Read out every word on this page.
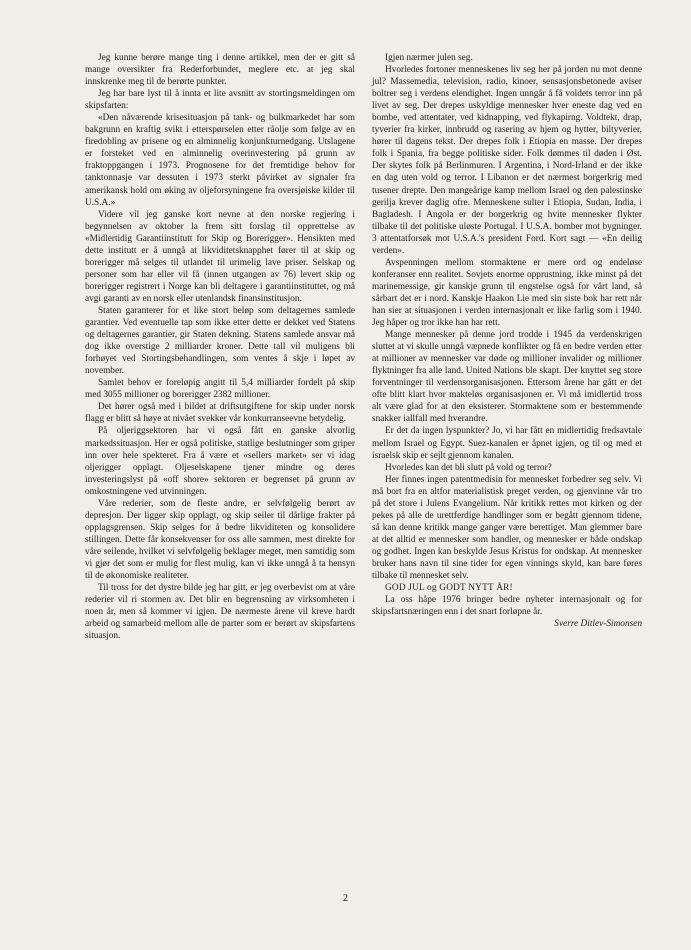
Jeg kunne berøre mange ting i denne artikkel, men der er gitt så mange oversikter fra Rederforbundet, meglere etc. at jeg skal innskrenke meg til de berørte punkter.

Jeg har bare lyst til å innta et lite avsnitt av stortingsmeldingen om skipsfarten:

«Den nåværende krisesituasjon på tank- og bulkmarkedet har som bakgrunn en kraftig svikt i etterspørselen etter råolje som følge av en firedobling av prisene og en alminnelig konjunkturnedgang. Utslagene er forsteket ved en alminnelig overinvestering på grunn av fraktoppgangen i 1973. Prognosene for det fremtidige behov for tanktonnasje var dessuten i 1973 sterkt påvirket av signaler fra amerikansk hold om øking av oljeforsyningene fra oversjøiske kilder til U.S.A.»

Videre vil jeg ganske kort nevne at den norske regjering i begynnelsen av oktober la frem sitt forslag til opprettelse av «Midlertidig Garantiinstitutt for Skip og Borerigger». Hensikten med dette institutt er å unngå at likviditetsknapphet fører til at skip og borerigger må selges til utlandet til urimelig lave priser. Selskap og personer som har eller vil få (innen utgangen av 76) levert skip og borerigger registrert i Norge kan bli deltagere i garantiinstituttet, og må avgi garanti av en norsk eller utenlandsk finansinstitusjon.

Staten garanterer for et like stort beløp som deltagernes samlede garantier. Ved eventuelle tap som ikke etter dette er dekket ved Statens og deltagernes garantier, gir Staten dekning. Statens samlede ansvar må dog ikke overstige 2 milliarder kroner. Dette tall vil muligens bli forhøyet ved Stortingsbehandlingen, som ventes å skje i løpet av november.

Samlet behov er foreløpig angitt til 5,4 milliarder fordelt på skip med 3055 millioner og borerigger 2382 millioner.

Det hører også med i bildet at driftsutgiftene for skip under norsk flagg er blitt så høye at nivået svekker vår konkurranseevne betydelig.

På oljeriggsektoren har vi også fått en ganske alvorlig markedssituasjon. Her er også politiske, statlige beslutninger som griper inn over hele spekteret. Fra å være et «sellers market» ser vi idag oljerigger opplagt. Oljeselskapene tjener mindre og deres investeringslyst på «off shore» sektoren er begrenset på grunn av omkostningene ved utvinningen.

Våre rederier, som de fleste andre, er selvfølgelig berørt av depresjon. Der ligger skip opplagt, og skip seiler til dårlige frakter på opplagsgrensen. Skip selges for å bedre likviditeten og konsolidere stillingen. Dette får konsekvenser for oss alle sammen, mest direkte for våre seilende, hvilket vi selvfølgelig beklager meget, men samtidig som vi gjør det som er mulig for flest mulig, kan vi ikke unngå å ta hensyn til de økonomiske realiteter.

Til tross for det dystre bilde jeg har gitt, er jeg overbevist om at våre rederier vil ri stormen av. Det blir en begrensning av virksomheten i noen år, men så kommer vi igjen. De nærmeste årene vil kreve hardt arbeid og samarbeid mellom alle de parter som er berørt av skipsfartens situasjon.

Igjen nærmer julen seg.

Hvorledes fortoner menneskenes liv seg her på jorden nu mot denne jul? Massemedia, television, radio, kinoer, sensasjonsbetonede aviser boltrer seg i verdens elendighet. Ingen unngår å få voldets terror inn på livet av seg. Der drepes uskyldige mennesker hver eneste dag ved en bombe, ved attentater, ved kidnapping, ved flykapirng. Voldtekt, drap, tyverier fra kirker, innbrudd og rasering av hjem og hytter, biltyverier, hører til dagens tekst. Der drepes folk i Etiopia en masse. Der drepes folk i Spania, fra begge politiske sider. Folk dømmes til døden i Øst. Der skytes folk på Berlinmuren. I Argentina, i Nord-Irland er der ikke en dag uten vold og terror. I Libanon er det nærmest borgerkrig med tusener drepte. Den mangeårige kamp mellom Israel og den palestinske gerilja krever daglig ofre. Menneskene sulter i Etiopia, Sudan, India, i Bagladesh. I Angola er der borgerkrig og hvite mennesker flykter tilbake til det politiske uløste Portugal. I U.S.A. bomber mot bygninger. 3 attentatforsøk mot U.S.A.'s president Ford. Kort sagt — «En deilig verden».

Avspenningen mellom stormaktene er mere ord og endeløse konferanser enn realitet. Sovjets enorme opprustning, ikke minst på det marinemessige, gir kanskje grunn til engstelse også for vårt land, så sårbart det er i nord. Kanskje Haakon Lie med sin siste bok har rett når han sier at situasjonen i verden internasjonalt er like farlig som i 1940. Jeg håper og tror ikke han har rett.

Mange mennesker på denne jord trodde i 1945 da verdenskrigen sluttet at vi skulle unngå væpnede konflikter og få en bedre verden etter at millioner av mennesker var døde og millioner invalider og millioner flyktninger fra alle land. United Nations ble skapt. Der knyttet seg store forventninger til verdensorganisasjonen. Ettersom årene har gått er det ofte blitt klart hvor makteløs organisasjonen er. Vi må imidlertid tross alt være glad for at den eksisterer. Stormaktene som er bestemmende snakker iallfall med hverandre.

Er det da ingen lyspunkter? Jo, vi har fått en midlertidig fredsavtale mellom Israel og Egypt. Suez-kanalen er åpnet igjen, og til og med et israelsk skip er sejlt gjennom kanalen.

Hvorledes kan det bli slutt på vold og terror?

Her finnes ingen patentmedisin for mennesket forbedrer seg selv. Vi må bort fra en altfor materialistisk preget verden, og gjenvinne vår tro på det store i Julens Evangelium. Når kritikk rettes mot kirken og der pekes på alle de urettferdige handlinger som er begått gjennom tidene, så kan denne kritikk mange ganger være berettiget. Man glemmer bare at det alltid er mennesker som handler, og mennesker er både ondskap og godhet. Ingen kan beskylde Jesus Kristus for ondskap. At mennesker bruker hans navn til sine tider for egen vinnings skyld, kan bare føres tilbake til mennesket selv.

GOD JUL og GODT NYTT ÅR!

La oss håpe 1976 bringer bedre nyheter internasjonalt og for skipsfartsnæringen enn i det snart forløpne år.

Sverre Ditlev-Simonsen

2
